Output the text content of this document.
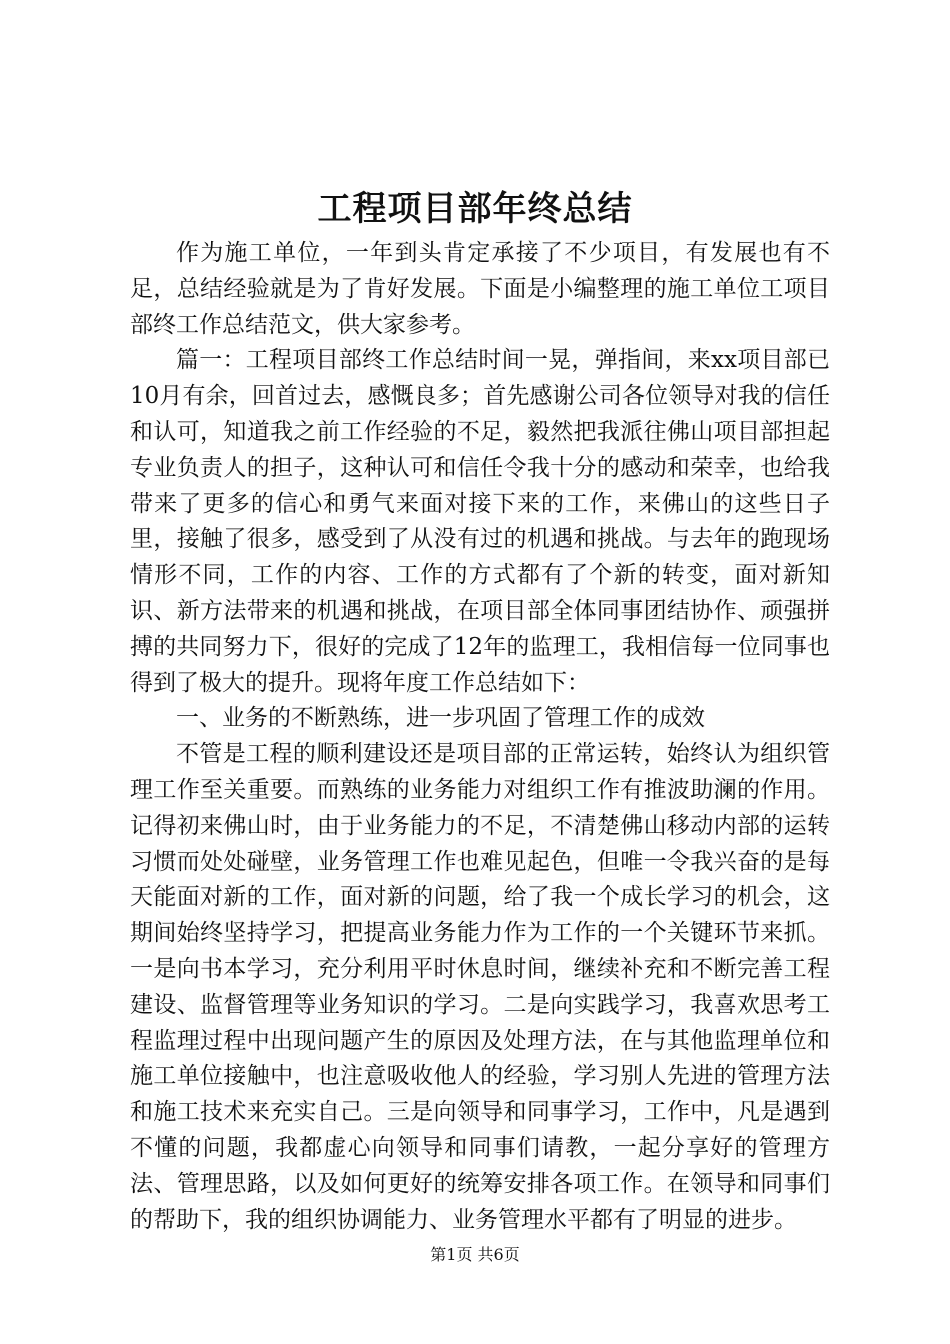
工程项目部年终总结

作为施工单位，一年到头肯定承接了不少项目，有发展也有不足，总结经验就是为了肯好发展。下面是小编整理的施工单位工项目部终工作总结范文，供大家参考。

篇一：工程项目部终工作总结时间一晃，弹指间，来xx项目部已10月有余，回首过去，感慨良多；首先感谢公司各位领导对我的信任和认可，知道我之前工作经验的不足，毅然把我派往佛山项目部担起专业负责人的担子，这种认可和信任令我十分的感动和荣幸，也给我带来了更多的信心和勇气来面对接下来的工作，来佛山的这些日子里，接触了很多，感受到了从没有过的机遇和挑战。与去年的跑现场情形不同，工作的内容、工作的方式都有了个新的转变，面对新知识、新方法带来的机遇和挑战，在项目部全体同事团结协作、顽强拼搏的共同努力下，很好的完成了12年的监理工，我相信每一位同事也得到了极大的提升。现将年度工作总结如下：

一、业务的不断熟练，进一步巩固了管理工作的成效

不管是工程的顺利建设还是项目部的正常运转，始终认为组织管理工作至关重要。而熟练的业务能力对组织工作有推波助澜的作用。记得初来佛山时，由于业务能力的不足，不清楚佛山移动内部的运转习惯而处处碰壁，业务管理工作也难见起色，但唯一令我兴奋的是每天能面对新的工作，面对新的问题，给了我一个成长学习的机会，这期间始终坚持学习，把提高业务能力作为工作的一个关键环节来抓。一是向书本学习，充分利用平时休息时间，继续补充和不断完善工程建设、监督管理等业务知识的学习。二是向实践学习，我喜欢思考工程监理过程中出现问题产生的原因及处理方法，在与其他监理单位和施工单位接触中，也注意吸收他人的经验，学习别人先进的管理方法和施工技术来充实自己。三是向领导和同事学习，工作中，凡是遇到不懂的问题，我都虚心向领导和同事们请教，一起分享好的管理方法、管理思路，以及如何更好的统筹安排各项工作。在领导和同事们的帮助下，我的组织协调能力、业务管理水平都有了明显的进步。

第1页 共6页
